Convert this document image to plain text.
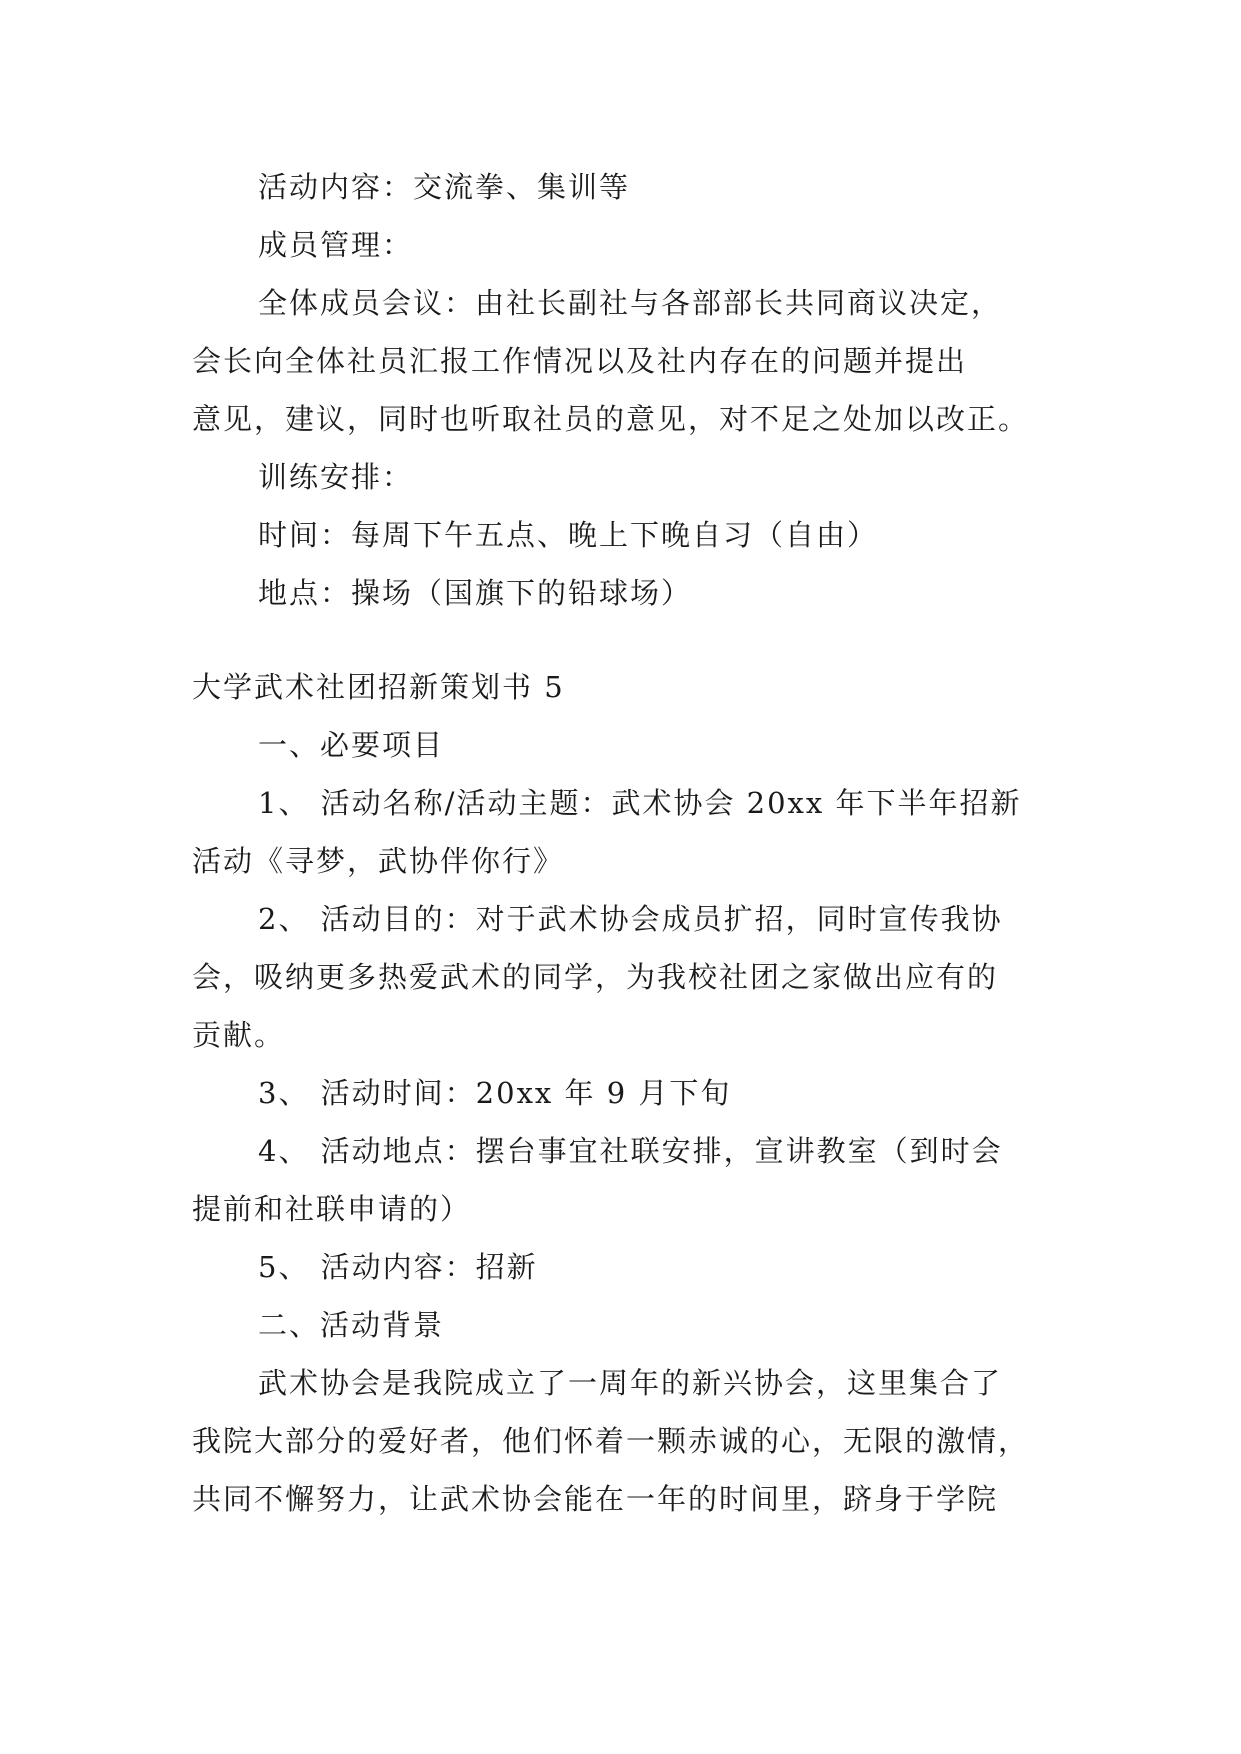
活动内容：交流拳、集训等
成员管理：
全体成员会议：由社长副社与各部部长共同商议决定，
会长向全体社员汇报工作情况以及社内存在的问题并提出
意见，建议，同时也听取社员的意见，对不足之处加以改正。
训练安排：
时间：每周下午五点、晚上下晚自习（自由）
地点：操场（国旗下的铅球场）
大学武术社团招新策划书 5
一、必要项目
1、 活动名称/活动主题：武术协会 20xx 年下半年招新
活动《寻梦，武协伴你行》
2、 活动目的：对于武术协会成员扩招，同时宣传我协
会，吸纳更多热爱武术的同学，为我校社团之家做出应有的
贡献。
3、 活动时间：20xx 年 9 月下旬
4、 活动地点：摆台事宜社联安排，宣讲教室（到时会
提前和社联申请的）
5、 活动内容：招新
二、活动背景
武术协会是我院成立了一周年的新兴协会，这里集合了
我院大部分的爱好者，他们怀着一颗赤诚的心，无限的激情，
共同不懈努力，让武术协会能在一年的时间里，跻身于学院
